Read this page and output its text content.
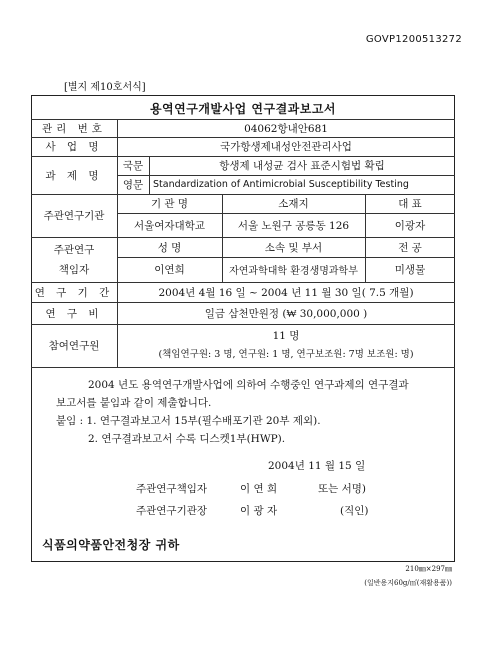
GOVP1200513272
[별지 제10호서식]
용역연구개발사업 연구결과보고서
관리 번호	04062항내안681
사 업 명	국가항생제내성안전관리사업
과 제 명
국문	항생제 내성균 검사 표준시험법 확립
영문	Standardization of Antimicrobial Susceptibility Testing
주관연구기관
기 관 명	소재지	대 표
서울여자대학교	서울 노원구 공릉동 126	이광자
주관연구
책임자
성 명	소속 및 부서	전 공
이연희	자연과학대학 환경생명과학부	미생물
연 구 기 간	2004년 4월 16 일 ~ 2004 년 11 월 30 일( 7.5 개월)
연 구 비	일금 삼천만원정 (₩ 30,000,000 )
참여연구원
11 명
(책임연구원: 3 명, 연구원: 1 명, 연구보조원: 7명 보조원: 명)
2004 년도 용역연구개발사업에 의하여 수행중인 연구과제의 연구결과
보고서를 붙임과 같이 제출합니다.
붙임 : 1. 연구결과보고서 15부(필수배포기관 20부 제외).
2. 연구결과보고서 수록 디스켓1부(HWP).
2004년 11 월 15 일
주관연구책임자	이 연 희	또는 서명)
주관연구기관장	이 광 자	(직인)
식품의약품안전청장 귀하
210㎜×297㎜
(일반용지60g/㎡(재활용품))
